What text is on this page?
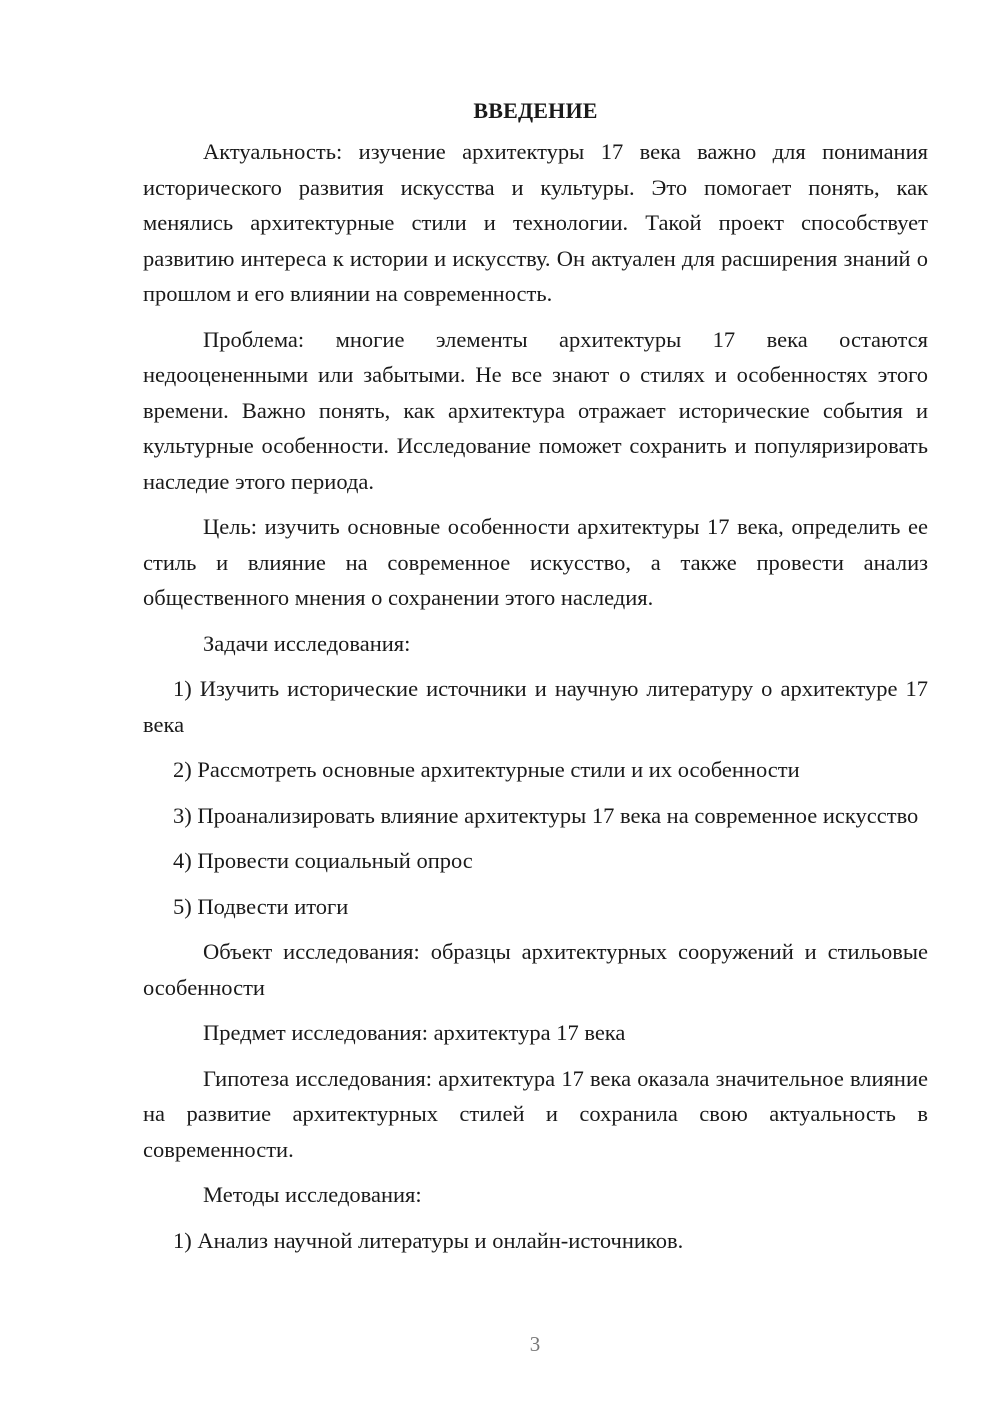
ВВЕДЕНИЕ

Актуальность: изучение архитектуры 17 века важно для понимания исторического развития искусства и культуры. Это помогает понять, как менялись архитектурные стили и технологии. Такой проект способствует развитию интереса к истории и искусству. Он актуален для расширения знаний о прошлом и его влиянии на современность.

Проблема: многие элементы архитектуры 17 века остаются недооцененными или забытыми. Не все знают о стилях и особенностях этого времени. Важно понять, как архитектура отражает исторические события и культурные особенности. Исследование поможет сохранить и популяризировать наследие этого периода.

Цель: изучить основные особенности архитектуры 17 века, определить ее стиль и влияние на современное искусство, а также провести анализ общественного мнения о сохранении этого наследия.

Задачи исследования:

1) Изучить исторические источники и научную литературу о архитектуре 17 века

2) Рассмотреть основные архитектурные стили и их особенности

3) Проанализировать влияние архитектуры 17 века на современное искусство

4) Провести социальный опрос

5) Подвести итоги

Объект исследования: образцы архитектурных сооружений и стильовые особенности

Предмет исследования: архитектура 17 века

Гипотеза исследования: архитектура 17 века оказала значительное влияние на развитие архитектурных стилей и сохранила свою актуальность в современности.

Методы исследования:

1) Анализ научной литературы и онлайн-источников.

3
